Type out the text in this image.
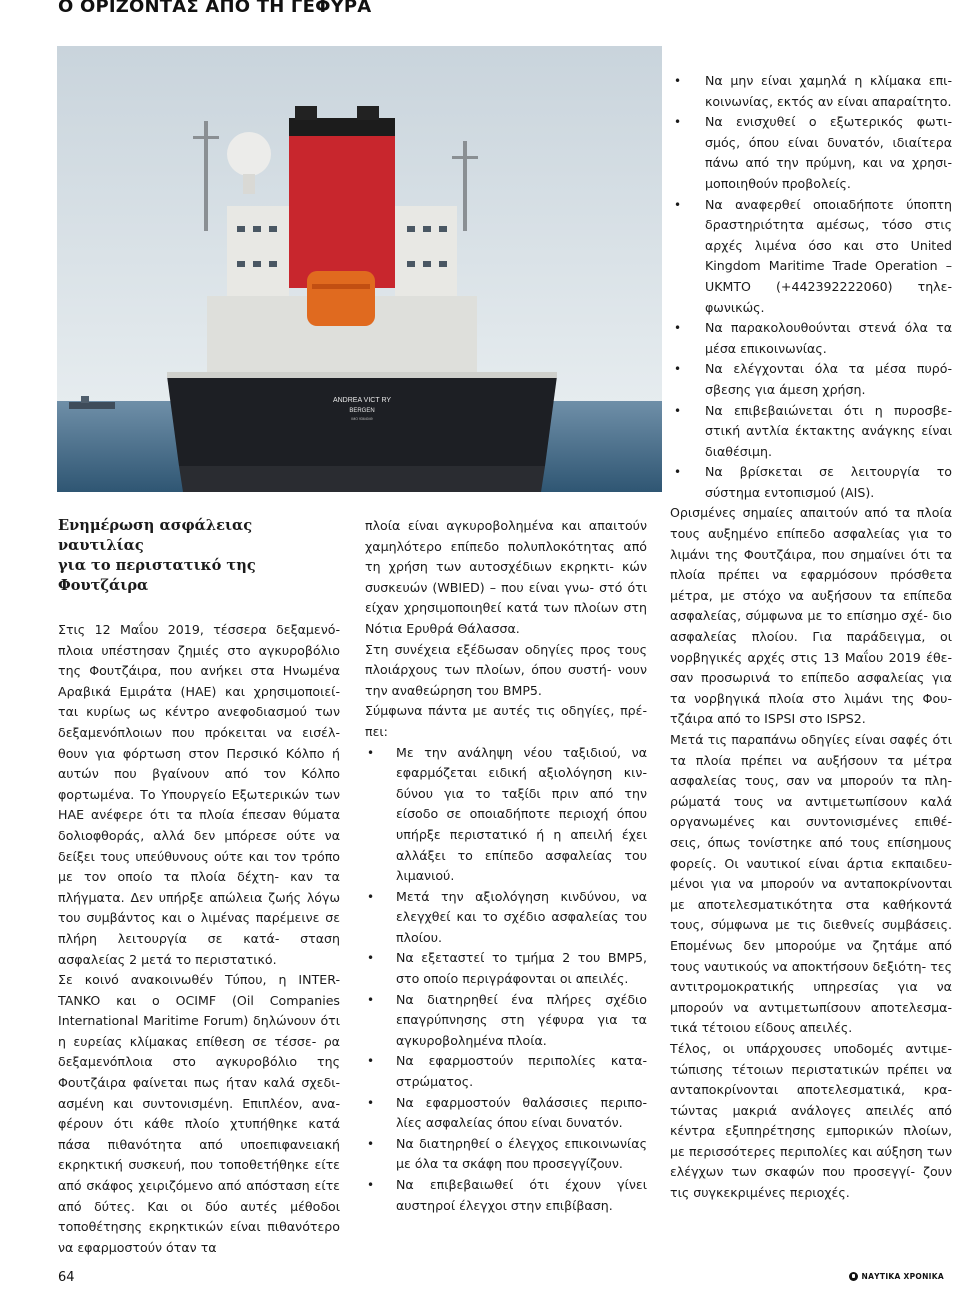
Ο ΟΡΙΖΟΝΤΑΣ ΑΠΟ ΤΗ ΓΕΦΥΡΑ
ANDREA VICT RY
BERGEN
IMO 9364049
Ενημέρωση ασφάλειας ναυτιλίας
για το περιστατικό της Φουτζάιρα

Στις 12 Μαΐου 2019, τέσσερα δεξαμενό- πλοια υπέστησαν ζημιές στο αγκυροβόλιο της Φουτζάιρα, που ανήκει στα Ηνωμένα Αραβικά Εμιράτα (ΗΑΕ) και χρησιμοποιεί- ται κυρίως ως κέντρο ανεφοδιασμού των δεξαμενόπλοιων που πρόκειται να εισέλ- θουν για φόρτωση στον Περσικό Κόλπο ή αυτών που βγαίνουν από τον Κόλπο φορτωμένα. Το Υπουργείο Εξωτερικών των ΗΑΕ ανέφερε ότι τα πλοία έπεσαν θύματα δολιοφθοράς, αλλά δεν μπόρεσε ούτε να δείξει τους υπεύθυνους ούτε και τον τρόπο με τον οποίο τα πλοία δέχτη- καν τα πλήγματα. Δεν υπήρξε απώλεια ζωής λόγω του συμβάντος και ο λιμένας παρέμεινε σε πλήρη λειτουργία σε κατά- σταση ασφαλείας 2 μετά το περιστατικό.

Σε κοινό ανακοινωθέν Τύπου, η INTER- TANKO και ο OCIMF (Oil Companies International Maritime Forum) δηλώνουν ότι η ευρείας κλίμακας επίθεση σε τέσσε- ρα δεξαμενόπλοια στο αγκυροβόλιο της Φουτζάιρα φαίνεται πως ήταν καλά σχεδι- ασμένη και συντονισμένη. Επιπλέον, ανα- φέρουν ότι κάθε πλοίο χτυπήθηκε κατά πάσα πιθανότητα από υποεπιφανειακή εκρηκτική συσκευή, που τοποθετήθηκε είτε από σκάφος χειριζόμενο από απόσταση είτε από δύτες. Και οι δύο αυτές μέθοδοι τοποθέτησης εκρηκτικών είναι πιθανότερο να εφαρμοστούν όταν τα

πλοία είναι αγκυροβολημένα και απαιτούν χαμηλότερο επίπεδο πολυπλοκότητας από τη χρήση των αυτοσχέδιων εκρηκτι- κών συσκευών (WBIED) – που είναι γνω- στό ότι είχαν χρησιμοποιηθεί κατά των πλοίων στη Νότια Ερυθρά Θάλασσα.

Στη συνέχεια εξέδωσαν οδηγίες προς τους πλοιάρχους των πλοίων, όπου συστή- νουν την αναθεώρηση του BMP5.

Σύμφωνα πάντα με αυτές τις οδηγίες, πρέ- πει:

• Με την ανάληψη νέου ταξιδιού, να εφαρμόζεται ειδική αξιολόγηση κιν- δύνου για το ταξίδι πριν από την είσοδο σε οποιαδήποτε περιοχή όπου υπήρξε περιστατικό ή η απειλή έχει αλλάξει το επίπεδο ασφαλείας του λιμανιού.
• Μετά την αξιολόγηση κινδύνου, να ελεγχθεί και το σχέδιο ασφαλείας του πλοίου.
• Να εξεταστεί το τμήμα 2 του BMP5, στο οποίο περιγράφονται οι απειλές.
• Να διατηρηθεί ένα πλήρες σχέδιο επαγρύπνησης στη γέφυρα για τα αγκυροβολημένα πλοία.
• Να εφαρμοστούν περιπολίες κατα- στρώματος.
• Να εφαρμοστούν θαλάσσιες περιπο- λίες ασφαλείας όπου είναι δυνατόν.
• Να διατηρηθεί ο έλεγχος επικοινωνίας με όλα τα σκάφη που προσεγγίζουν.
• Να επιβεβαιωθεί ότι έχουν γίνει αυστηροί έλεγχοι στην επιβίβαση.
• Να μην είναι χαμηλά η κλίμακα επι- κοινωνίας, εκτός αν είναι απαραίτητο.
• Να ενισχυθεί ο εξωτερικός φωτι- σμός, όπου είναι δυνατόν, ιδιαίτερα πάνω από την πρύμνη, και να χρησι- μοποιηθούν προβολείς.
• Να αναφερθεί οποιαδήποτε ύποπτη δραστηριότητα αμέσως, τόσο στις αρχές λιμένα όσο και στο United Kingdom Maritime Trade Operation – UKMTO (+442392222060) τηλε- φωνικώς.
• Να παρακολουθούνται στενά όλα τα μέσα επικοινωνίας.
• Να ελέγχονται όλα τα μέσα πυρό- σβεσης για άμεση χρήση.
• Να επιβεβαιώνεται ότι η πυροσβε- στική αντλία έκτακτης ανάγκης είναι διαθέσιμη.
• Να βρίσκεται σε λειτουργία το σύστημα εντοπισμού (AIS).

Ορισμένες σημαίες απαιτούν από τα πλοία τους αυξημένο επίπεδο ασφαλείας για το λιμάνι της Φουτζάιρα, που σημαίνει ότι τα πλοία πρέπει να εφαρμόσουν πρόσθετα μέτρα, με στόχο να αυξήσουν τα επίπεδα ασφαλείας, σύμφωνα με το επίσημο σχέ- διο ασφαλείας πλοίου. Για παράδειγμα, οι νορβηγικές αρχές στις 13 Μαΐου 2019 έθε- σαν προσωρινά το επίπεδο ασφαλείας για τα νορβηγικά πλοία στο λιμάνι της Φου- τζάιρα από το ISPSI στο ISPS2.

Μετά τις παραπάνω οδηγίες είναι σαφές ότι τα πλοία πρέπει να αυξήσουν τα μέτρα ασφαλείας τους, σαν να μπορούν τα πλη- ρώματά τους να αντιμετωπίσουν καλά οργανωμένες και συντονισμένες επιθέ- σεις, όπως τονίστηκε από τους επίσημους φορείς. Οι ναυτικοί είναι άρτια εκπαιδευ- μένοι για να μπορούν να ανταποκρίνονται με αποτελεσματικότητα στα καθήκοντά τους, σύμφωνα με τις διεθνείς συμβάσεις. Επομένως δεν μπορούμε να ζητάμε από τους ναυτικούς να αποκτήσουν δεξιότη- τες αντιτρομοκρατικής υπηρεσίας για να μπορούν να αντιμετωπίσουν αποτελεσμα- τικά τέτοιου είδους απειλές.

Τέλος, οι υπάρχουσες υποδομές αντιμε- τώπισης τέτοιων περιστατικών πρέπει να ανταποκρίνονται αποτελεσματικά, κρα- τώντας μακριά ανάλογες απειλές από κέντρα εξυπηρέτησης εμπορικών πλοίων, με περισσότερες περιπολίες και αύξηση των ελέγχων των σκαφών που προσεγγί- ζουν τις συγκεκριμένες περιοχές.

64	ΝΑΥΤΙΚΑ ΧΡΟΝΙΚΑ
